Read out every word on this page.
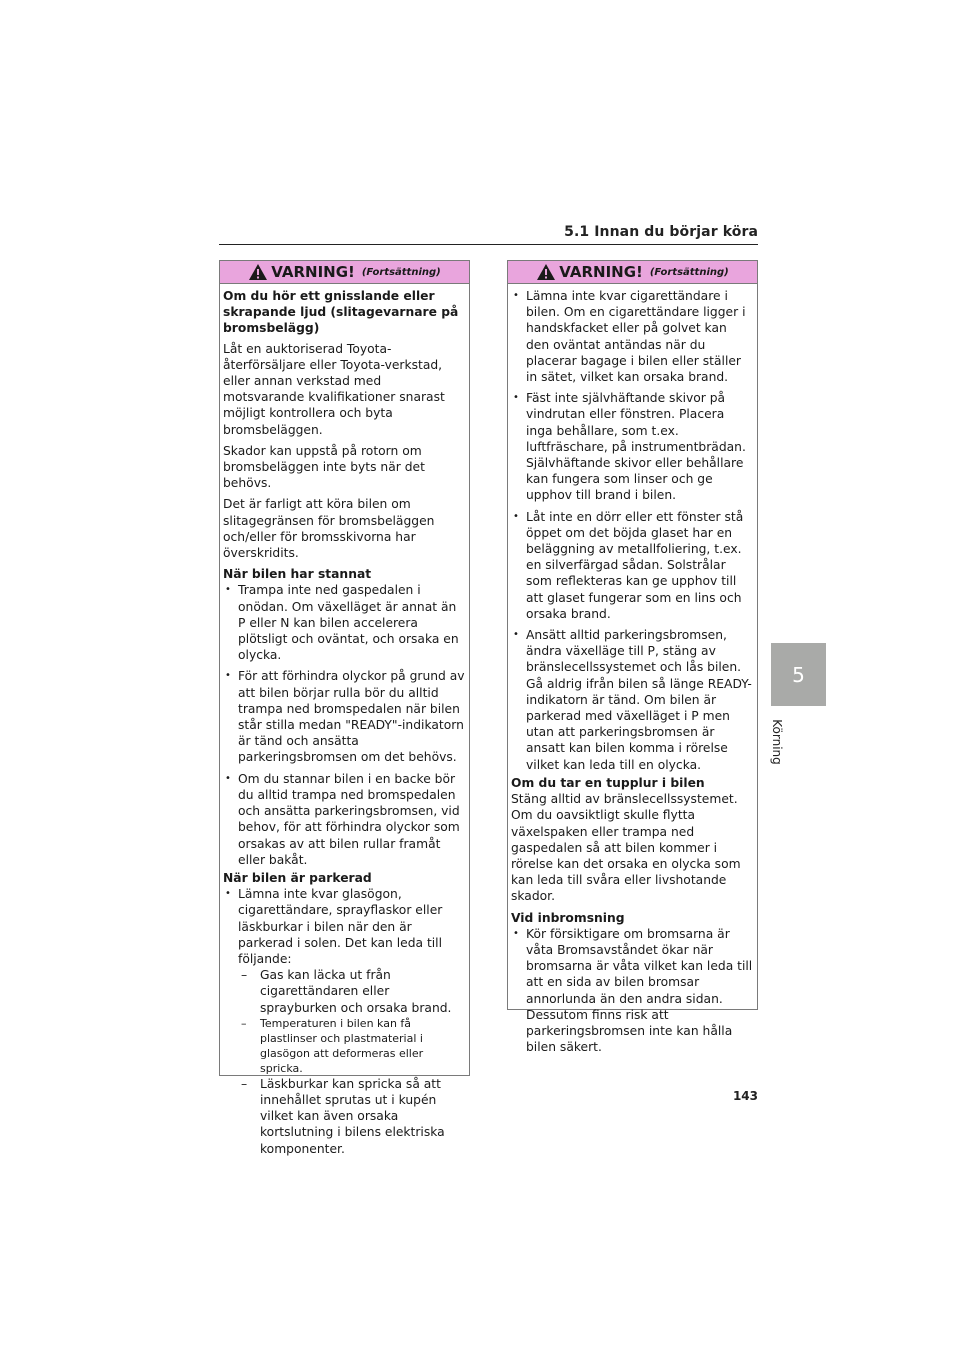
5.1 Innan du börjar köra
5
Körning
VARNING! (Fortsättning)

Om du hör ett gnisslande eller skrapande ljud (slitagevarnare på bromsbelägg)

Låt en auktoriserad Toyota-återförsäljare eller Toyota-verkstad, eller annan verkstad med motsvarande kvalifikationer snarast möjligt kontrollera och byta bromsbeläggen.

Skador kan uppstå på rotorn om bromsbeläggen inte byts när det behövs.

Det är farligt att köra bilen om slitagegränsen för bromsbeläggen och/eller för bromsskivorna har överskridits.

När bilen har stannat

• Trampa inte ned gaspedalen i onödan. Om växelläget är annat än P eller N kan bilen accelerera plötsligt och oväntat, och orsaka en olycka.
• För att förhindra olyckor på grund av att bilen börjar rulla bör du alltid trampa ned bromspedalen när bilen står stilla medan "READY"-indikatorn är tänd och ansätta parkeringsbromsen om det behövs.
• Om du stannar bilen i en backe bör du alltid trampa ned bromspedalen och ansätta parkeringsbromsen, vid behov, för att förhindra olyckor som orsakas av att bilen rullar framåt eller bakåt.

När bilen är parkerad

• Lämna inte kvar glasögon, cigarettändare, sprayflaskor eller läskburkar i bilen när den är parkerad i solen. Det kan leda till följande:
– Gas kan läcka ut från cigarettändaren eller sprayburken och orsaka brand.
– Temperaturen i bilen kan få plastlinser och plastmaterial i glasögon att deformeras eller spricka.
– Läskburkar kan spricka så att innehållet sprutas ut i kupén vilket kan även orsaka kortslutning i bilens elektriska komponenter.
VARNING! (Fortsättning)
• Lämna inte kvar cigarettändare i bilen. Om en cigarettändare ligger i handskfacket eller på golvet kan den oväntat antändas när du placerar bagage i bilen eller ställer in sätet, vilket kan orsaka brand.
• Fäst inte självhäftande skivor på vindrutan eller fönstren. Placera inga behållare, som t.ex. luftfräschare, på instrumentbrädan. Självhäftande skivor eller behållare kan fungera som linser och ge upphov till brand i bilen.
• Låt inte en dörr eller ett fönster stå öppet om det böjda glaset har en beläggning av metallfoliering, t.ex. en silverfärgad sådan. Solstrålar som reflekteras kan ge upphov till att glaset fungerar som en lins och orsaka brand.
• Ansätt alltid parkeringsbromsen, ändra växelläge till P, stäng av bränslecellssystemet och lås bilen. Gå aldrig ifrån bilen så länge READY-indikatorn är tänd. Om bilen är parkerad med växelläget i P men utan att parkeringsbromsen är ansatt kan bilen komma i rörelse vilket kan leda till en olycka.

Om du tar en tupplur i bilen

Stäng alltid av bränslecellssystemet. Om du oavsiktligt skulle flytta växelspaken eller trampa ned gaspedalen så att bilen kommer i rörelse kan det orsaka en olycka som kan leda till svåra eller livshotande skador.

Vid inbromsning

• Kör försiktigare om bromsarna är våta Bromsavståndet ökar när bromsarna är våta vilket kan leda till att en sida av bilen bromsar annorlunda än den andra sidan. Dessutom finns risk att parkeringsbromsen inte kan hålla bilen säkert.
143
